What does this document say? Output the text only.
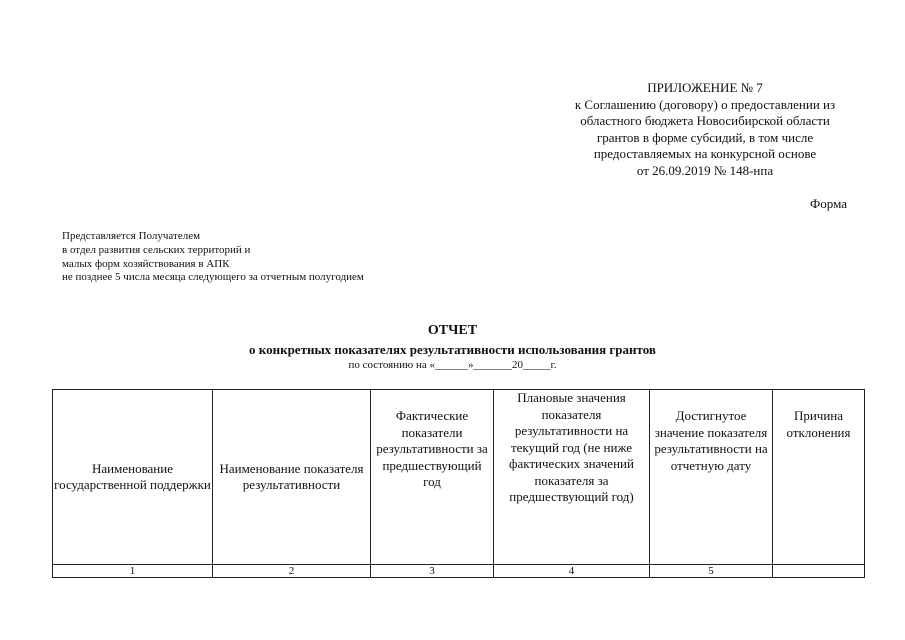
ПРИЛОЖЕНИЕ № 7
к Соглашению (договору) о предоставлении из
областного бюджета Новосибирской области
грантов в форме субсидий, в том числе
предоставляемых на конкурсной основе
от 26.09.2019 № 148-нпа
Форма
Представляется Получателем
в отдел развития сельских территорий и
малых форм хозяйствования в АПК
не позднее 5 числа месяца следующего за отчетным полугодием
ОТЧЕТ
о конкретных показателях результативности использования грантов
по состоянию на «______»_______20_____г.
Наименование государственной поддержки	Наименование показателя результативности	Фактические показатели результативности за предшествующий год	Плановые значения показателя результативности на текущий год (не ниже фактических значений показателя за предшествующий год)	Достигнутое значение показателя результативности на отчетную дату	Причина отклонения
1	2	3	4	5	
